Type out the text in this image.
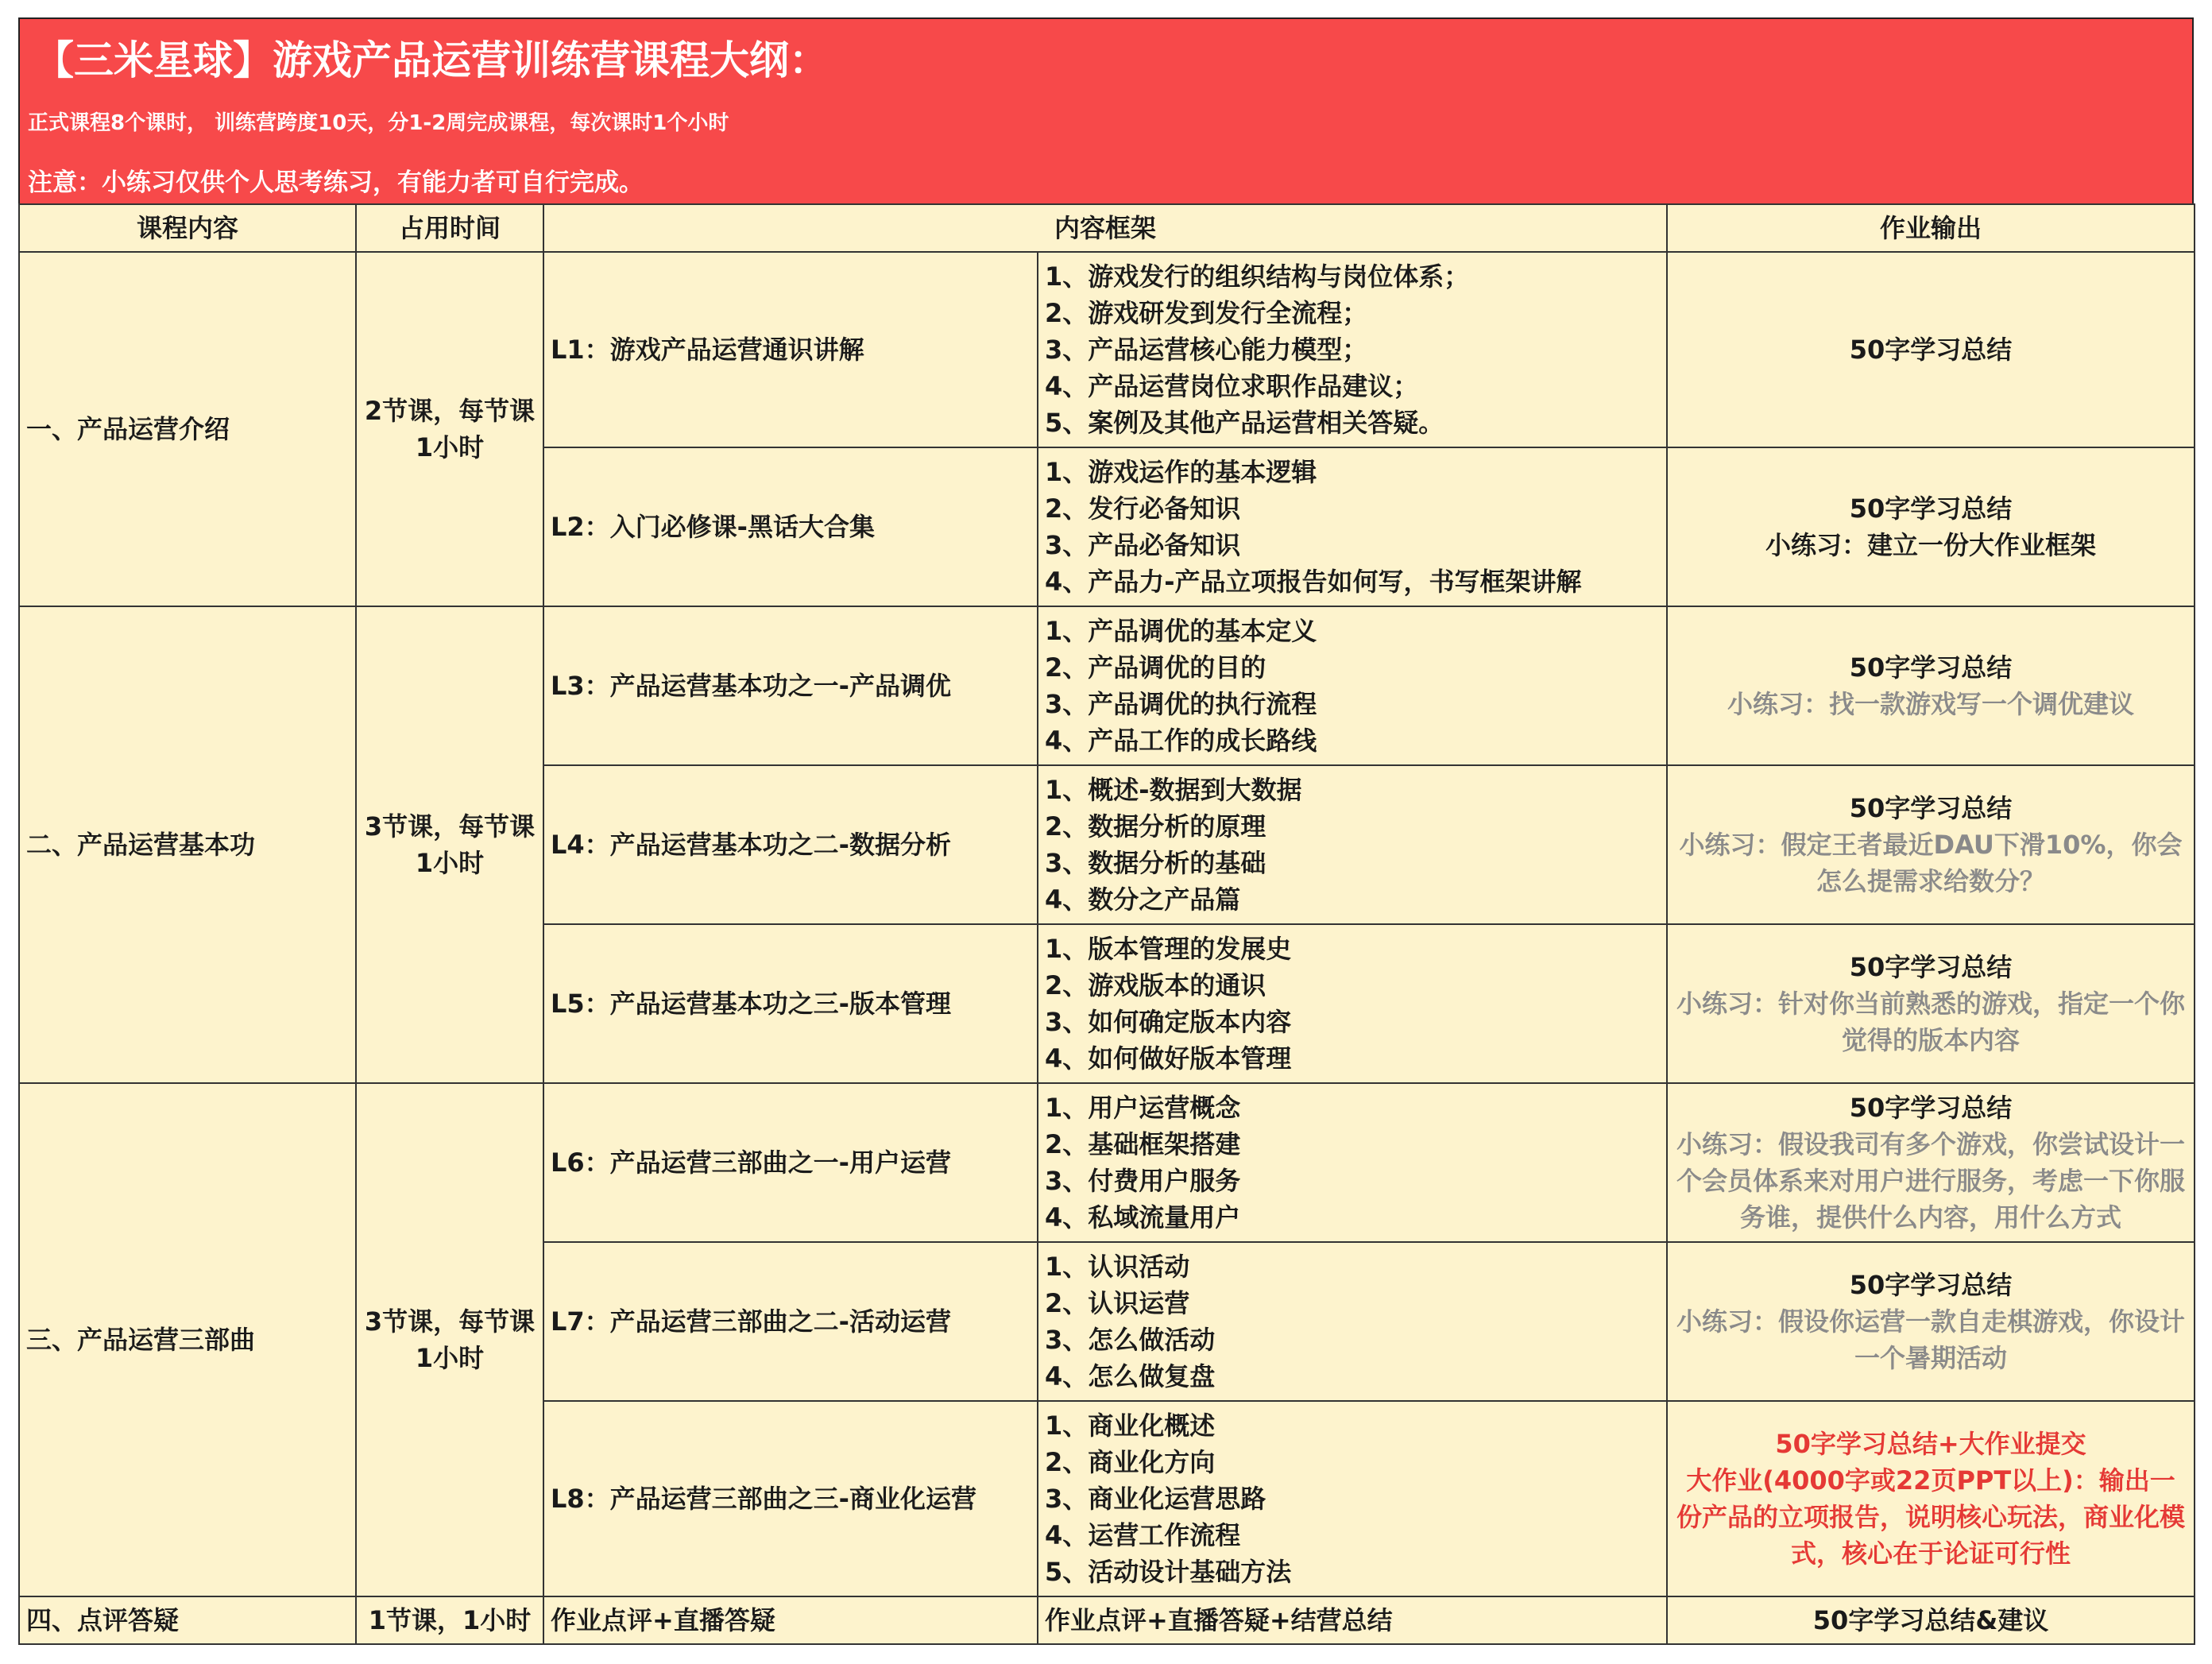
【三米星球】游戏产品运营训练营课程大纲：
正式课程8个课时， 训练营跨度10天，分1-2周完成课程，每次课时1个小时
注意：小练习仅供个人思考练习，有能力者可自行完成。
课程内容	占用时间	内容框架		作业输出
一、产品运营介绍	2节课，每节课1小时	L1：游戏产品运营通识讲解	1、游戏发行的组织结构与岗位体系；
2、游戏研发到发行全流程；
3、产品运营核心能力模型；
4、产品运营岗位求职作品建议；
5、案例及其他产品运营相关答疑。	50字学习总结

		L2：入门必修课-黑话大合集	1、游戏运作的基本逻辑
2、发行必备知识
3、产品必备知识
4、产品力-产品立项报告如何写，书写框架讲解	50字学习总结
小练习：建立一份大作业框架

二、产品运营基本功	3节课，每节课1小时	L3：产品运营基本功之一-产品调优	1、产品调优的基本定义
2、产品调优的目的
3、产品调优的执行流程
4、产品工作的成长路线	50字学习总结
小练习：找一款游戏写一个调优建议

		L4：产品运营基本功之二-数据分析	1、概述-数据到大数据
2、数据分析的原理
3、数据分析的基础
4、数分之产品篇	50字学习总结
小练习：假定王者最近DAU下滑10%，你会怎么提需求给数分？

		L5：产品运营基本功之三-版本管理	1、版本管理的发展史
2、游戏版本的通识
3、如何确定版本内容
4、如何做好版本管理	50字学习总结
小练习：针对你当前熟悉的游戏，指定一个你觉得的版本内容

三、产品运营三部曲	3节课，每节课1小时	L6：产品运营三部曲之一-用户运营	1、用户运营概念
2、基础框架搭建
3、付费用户服务
4、私域流量用户	50字学习总结
小练习：假设我司有多个游戏，你尝试设计一个会员体系来对用户进行服务，考虑一下你服务谁，提供什么内容，用什么方式

		L7：产品运营三部曲之二-活动运营	1、认识活动
2、认识运营
3、怎么做活动
4、怎么做复盘	50字学习总结
小练习：假设你运营一款自走棋游戏，你设计一个暑期活动

		L8：产品运营三部曲之三-商业化运营	1、商业化概述
2、商业化方向
3、商业化运营思路
4、运营工作流程
5、活动设计基础方法	50字学习总结+大作业提交
大作业(4000字或22页PPT以上)：输出一份产品的立项报告，说明核心玩法，商业化模式，核心在于论证可行性

四、点评答疑	1节课，1小时	作业点评+直播答疑	作业点评+直播答疑+结营总结	50字学习总结&建议
